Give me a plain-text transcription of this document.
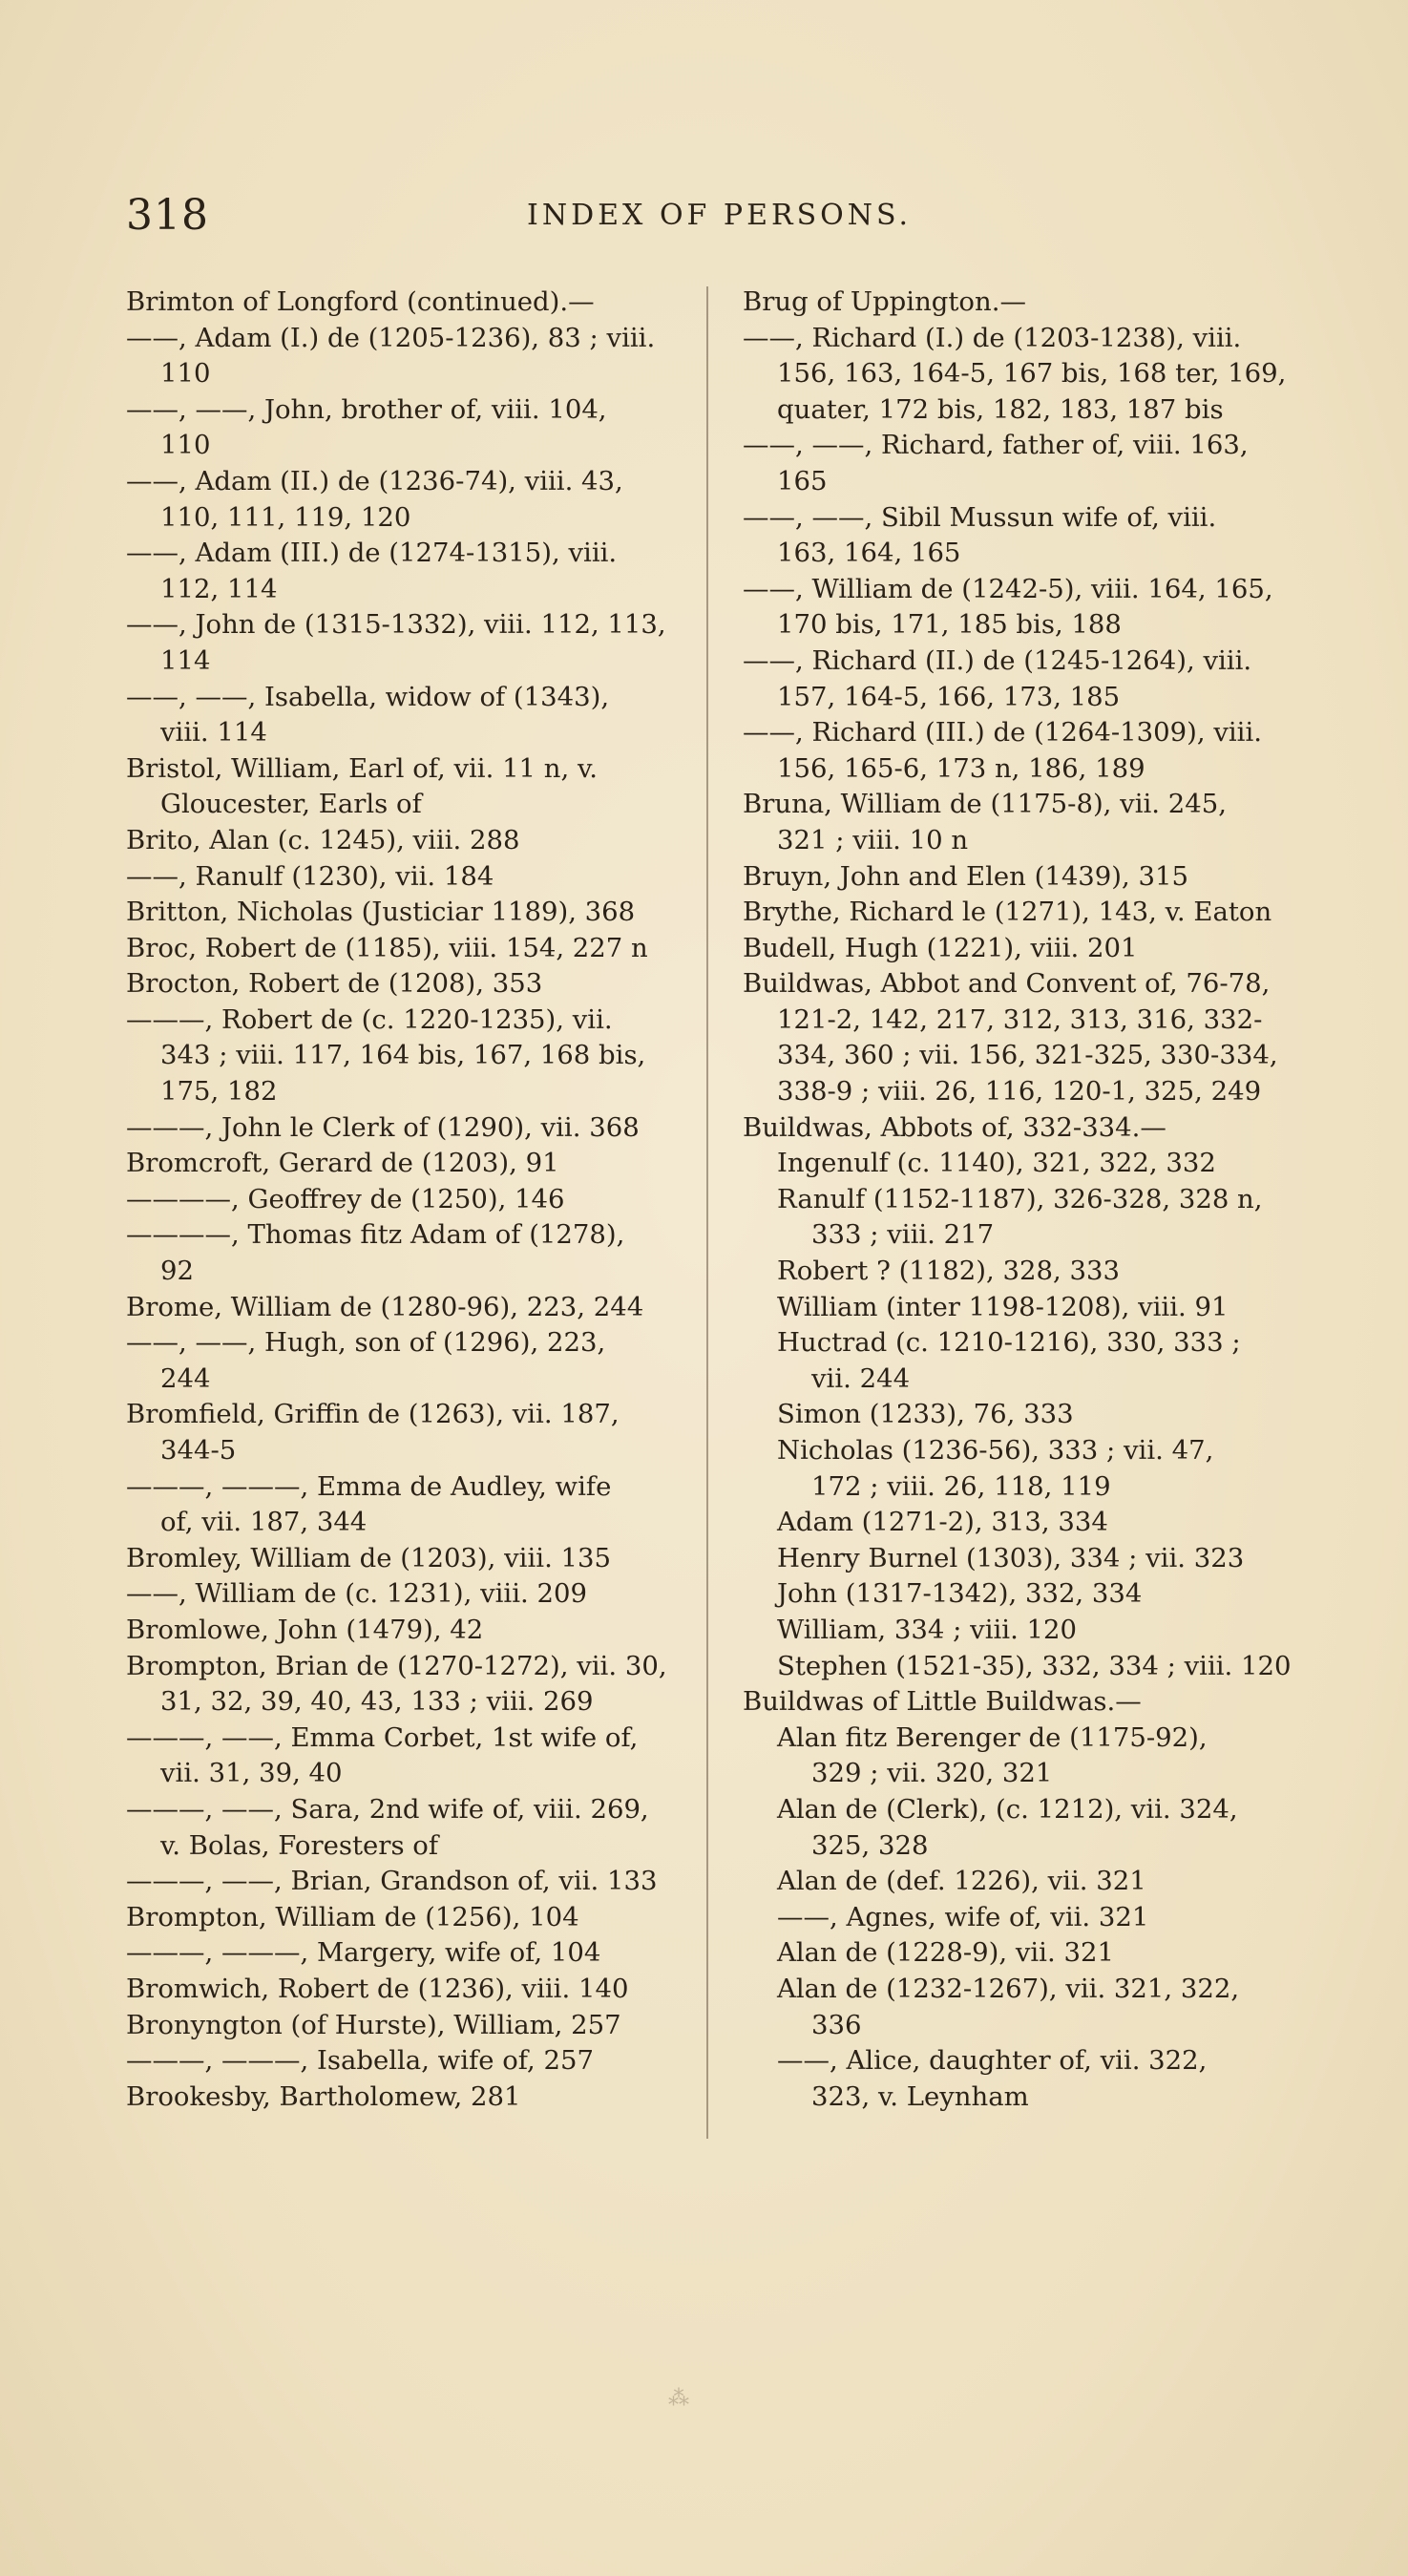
318	INDEX OF PERSONS.
Brimton of Longford (continued).—
——, Adam (I.) de (1205-1236), 83 ; viii.
110
——, ——, John, brother of, viii. 104,
110
——, Adam (II.) de (1236-74), viii. 43,
110, 111, 119, 120
——, Adam (III.) de (1274-1315), viii.
112, 114
——, John de (1315-1332), viii. 112, 113,
114
——, ——, Isabella, widow of (1343),
viii. 114
Bristol, William, Earl of, vii. 11 n, v.
Gloucester, Earls of
Brito, Alan (c. 1245), viii. 288
——, Ranulf (1230), vii. 184
Britton, Nicholas (Justiciar 1189), 368
Broc, Robert de (1185), viii. 154, 227 n
Brocton, Robert de (1208), 353
———, Robert de (c. 1220-1235), vii.
343 ; viii. 117, 164 bis, 167, 168 bis,
175, 182
———, John le Clerk of (1290), vii. 368
Bromcroft, Gerard de (1203), 91
————, Geoffrey de (1250), 146
————, Thomas fitz Adam of (1278),
92
Brome, William de (1280-96), 223, 244
——, ——, Hugh, son of (1296), 223,
244
Bromfield, Griffin de (1263), vii. 187,
344-5
———, ———, Emma de Audley, wife
of, vii. 187, 344
Bromley, William de (1203), viii. 135
——, William de (c. 1231), viii. 209
Bromlowe, John (1479), 42
Brompton, Brian de (1270-1272), vii. 30,
31, 32, 39, 40, 43, 133 ; viii. 269
———, ——, Emma Corbet, 1st wife of,
vii. 31, 39, 40
———, ——, Sara, 2nd wife of, viii. 269,
v. Bolas, Foresters of
———, ——, Brian, Grandson of, vii. 133
Brompton, William de (1256), 104
———, ———, Margery, wife of, 104
Bromwich, Robert de (1236), viii. 140
Bronyngton (of Hurste), William, 257
———, ———, Isabella, wife of, 257
Brookesby, Bartholomew, 281
Brug of Uppington.—
——, Richard (I.) de (1203-1238), viii.
156, 163, 164-5, 167 bis, 168 ter, 169,
quater, 172 bis, 182, 183, 187 bis
——, ——, Richard, father of, viii. 163,
165
——, ——, Sibil Mussun wife of, viii.
163, 164, 165
——, William de (1242-5), viii. 164, 165,
170 bis, 171, 185 bis, 188
——, Richard (II.) de (1245-1264), viii.
157, 164-5, 166, 173, 185
——, Richard (III.) de (1264-1309), viii.
156, 165-6, 173 n, 186, 189
Bruna, William de (1175-8), vii. 245,
321 ; viii. 10 n
Bruyn, John and Elen (1439), 315
Brythe, Richard le (1271), 143, v. Eaton
Budell, Hugh (1221), viii. 201
Buildwas, Abbot and Convent of, 76-78,
121-2, 142, 217, 312, 313, 316, 332-
334, 360 ; vii. 156, 321-325, 330-334,
338-9 ; viii. 26, 116, 120-1, 325, 249
Buildwas, Abbots of, 332-334.—
Ingenulf (c. 1140), 321, 322, 332
Ranulf (1152-1187), 326-328, 328 n,
333 ; viii. 217
Robert ? (1182), 328, 333
William (inter 1198-1208), viii. 91
Huctrad (c. 1210-1216), 330, 333 ;
vii. 244
Simon (1233), 76, 333
Nicholas (1236-56), 333 ; vii. 47,
172 ; viii. 26, 118, 119
Adam (1271-2), 313, 334
Henry Burnel (1303), 334 ; vii. 323
John (1317-1342), 332, 334
William, 334 ; viii. 120
Stephen (1521-35), 332, 334 ; viii. 120
Buildwas of Little Buildwas.—
Alan fitz Berenger de (1175-92),
329 ; vii. 320, 321
Alan de (Clerk), (c. 1212), vii. 324,
325, 328
Alan de (def. 1226), vii. 321
——, Agnes, wife of, vii. 321
Alan de (1228-9), vii. 321
Alan de (1232-1267), vii. 321, 322,
336
——, Alice, daughter of, vii. 322,
323, v. Leynham
⁂
